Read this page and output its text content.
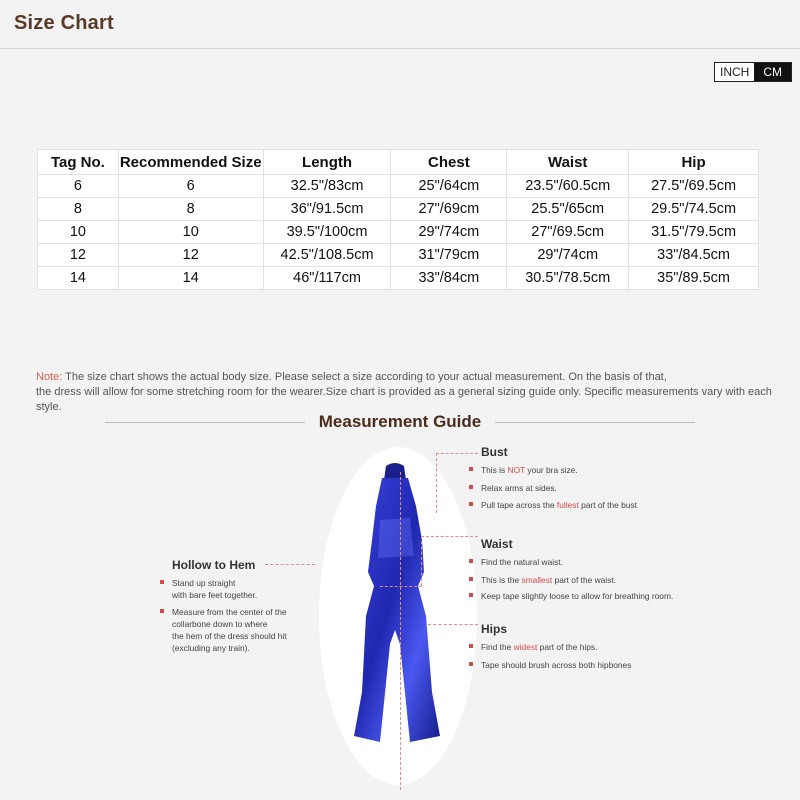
Size Chart
INCH	CM
Tag No.	Recommended Size	Length	Chest	Waist	Hip
6	6	32.5"/83cm	25"/64cm	23.5"/60.5cm	27.5"/69.5cm
8	8	36"/91.5cm	27"/69cm	25.5"/65cm	29.5"/74.5cm
10	10	39.5"/100cm	29"/74cm	27"/69.5cm	31.5"/79.5cm
12	12	42.5"/108.5cm	31"/79cm	29"/74cm	33"/84.5cm
14	14	46"/117cm	33"/84cm	30.5"/78.5cm	35"/89.5cm
Note: The size chart shows the actual body size. Please select a size according to your actual measurement. On the basis of that,
the dress will allow for some stretching room for the wearer.Size chart is provided as a general sizing guide only. Specific measurements vary with each style.
Measurement Guide
Bust
This is NOT your bra size.
Relax arms at sides.
Pull tape across the fullest part of the bust
Waist
Find the natural waist.
This is the smallest part of the waist.
Keep tape slightly loose to allow for breathing room.
Hips
Find the widest part of the hips.
Tape should brush across both hipbones
Hollow to Hem
Stand up straight
with bare feet together.
Measure from the center of the
collarbone down to where
the hem of the dress should hit
(excluding any train).
